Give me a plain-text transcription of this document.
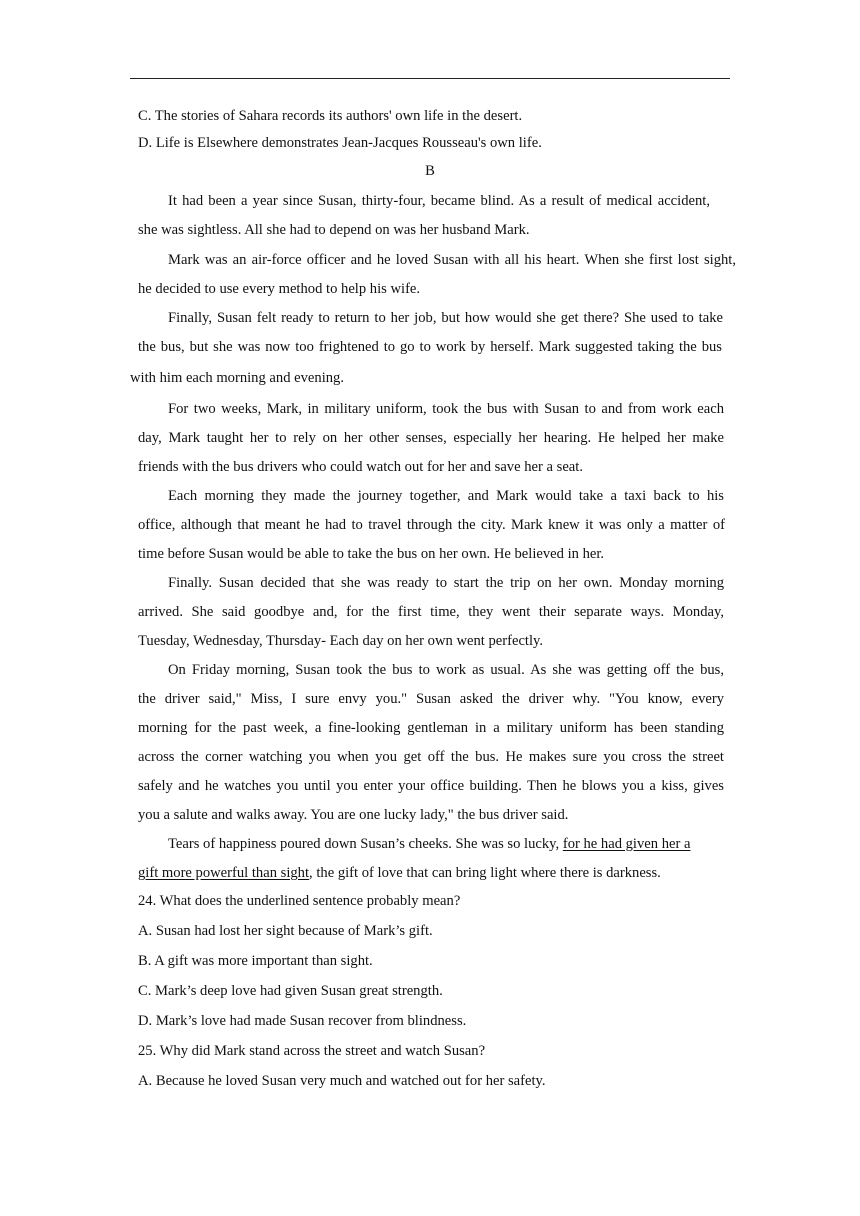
C. The stories of Sahara records its authors' own life in the desert.
D. Life is Elsewhere demonstrates Jean-Jacques Rousseau's own life.
B
It had been a year since Susan, thirty-four, became blind. As a result of medical accident,
she was sightless. All she had to depend on was her husband Mark.
Mark was an air-force officer and he loved Susan with all his heart. When she first lost sight,
he decided to use every method to help his wife.
Finally, Susan felt ready to return to her job, but how would she get there? She used to take
the bus, but she was now too frightened to go to work by herself. Mark suggested taking the bus
with him each morning and evening.
For two weeks, Mark, in military uniform, took the bus with Susan to and from work each
day, Mark taught her to rely on her other senses, especially her hearing. He helped her make
friends with the bus drivers who could watch out for her and save her a seat.
Each morning they made the journey together, and Mark would take a taxi back to his
office, although that meant he had to travel through the city. Mark knew it was only a matter of
time before Susan would be able to take the bus on her own. He believed in her.
Finally. Susan decided that she was ready to start the trip on her own. Monday morning
arrived. She said goodbye and, for the first time, they went their separate ways. Monday,
Tuesday, Wednesday, Thursday- Each day on her own went perfectly.
On Friday morning, Susan took the bus to work as usual. As she was getting off the bus,
the driver said," Miss, I sure envy you." Susan asked the driver why. "You know, every
morning for the past week, a fine-looking gentleman in a military uniform has been standing
across the corner watching you when you get off the bus. He makes sure you cross the street
safely and he watches you until you enter your office building. Then he blows you a kiss, gives
you a salute and walks away. You are one lucky lady," the bus driver said.
Tears of happiness poured down Susan’s cheeks. She was so lucky, for he had given her a
gift more powerful than sight, the gift of love that can bring light where there is darkness.
24. What does the underlined sentence probably mean?
A. Susan had lost her sight because of Mark’s gift.
B. A gift was more important than sight.
C. Mark’s deep love had given Susan great strength.
D. Mark’s love had made Susan recover from blindness.
25. Why did Mark stand across the street and watch Susan?
A. Because he loved Susan very much and watched out for her safety.
